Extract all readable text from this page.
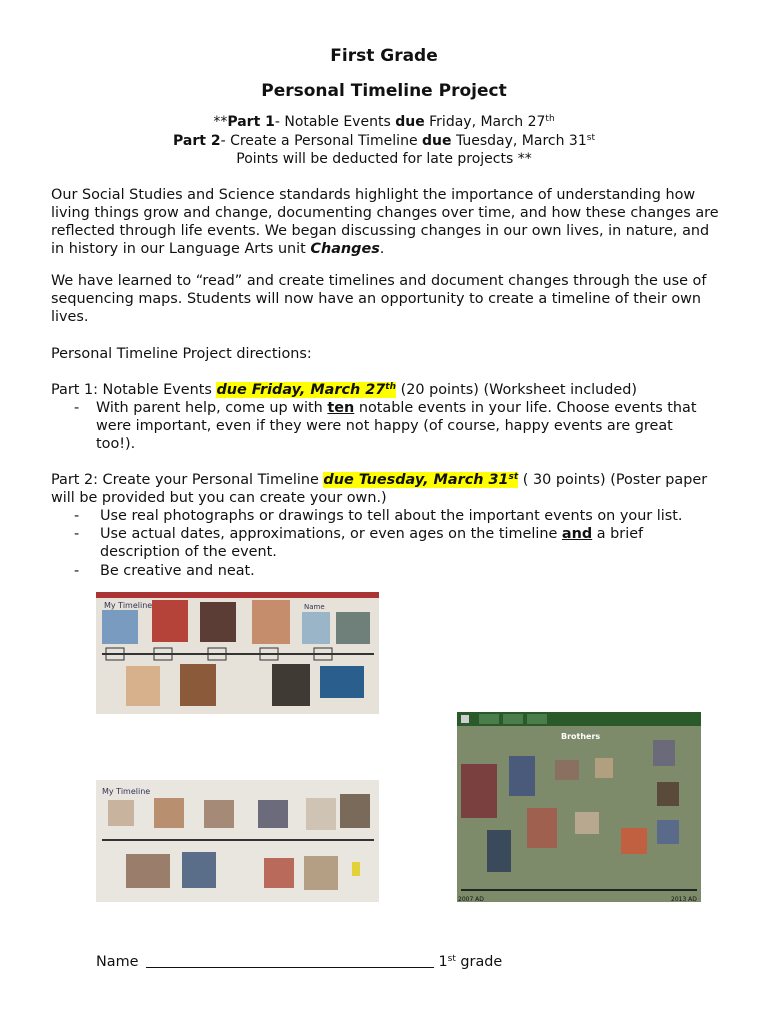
First Grade
Personal Timeline Project
**Part 1- Notable Events due Friday, March 27th
Part 2- Create a Personal Timeline due Tuesday, March 31st
Points will be deducted for late projects **

Our Social Studies and Science standards highlight the importance of understanding how living things grow and change, documenting changes over time, and how these changes are reflected through life events. We began discussing changes in our own lives, in nature, and in history in our Language Arts unit Changes.

We have learned to “read” and create timelines and document changes through the use of sequencing maps. Students will now have an opportunity to create a timeline of their own lives.

Personal Timeline Project directions:

Part 1: Notable Events due Friday, March 27th (20 points) (Worksheet included)

- With parent help, come up with ten notable events in your life. Choose events that were important, even if they were not happy (of course, happy events are great too!).

Part 2: Create your Personal Timeline due Tuesday, March 31st ( 30 points) (Poster paper will be provided but you can create your own.)

- Use real photographs or drawings to tell about the important events on your list.
- Use actual dates, approximations, or even ages on the timeline and a brief description of the event.
- Be creative and neat.
My Timeline	Name
My Timeline
Brothers
2007 AD	2013 AD
Name	1st grade
